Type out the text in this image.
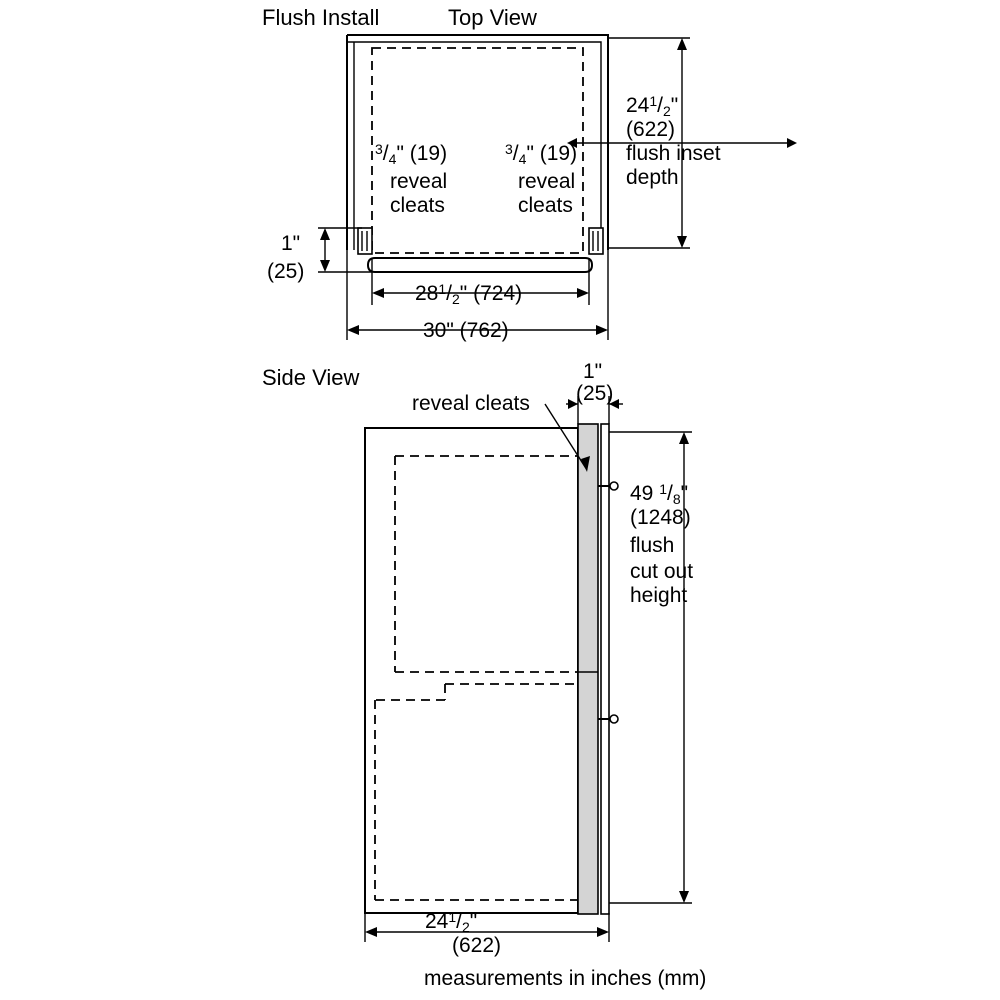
Flush Install	Top View
$^3$/4" (19)
reveal
cleats
$^3$/4" (19)
reveal
cleats
$24^1/2$"
(622)
flush inset
depth
1"
(25)
$28^1/2$" (724)
30" (762)
Side View
reveal cleats
1"
(25)
49 $^1$/8"
(1248)
flush
cut out
height
$24^1/2$"
(622)
measurements in inches (mm)
